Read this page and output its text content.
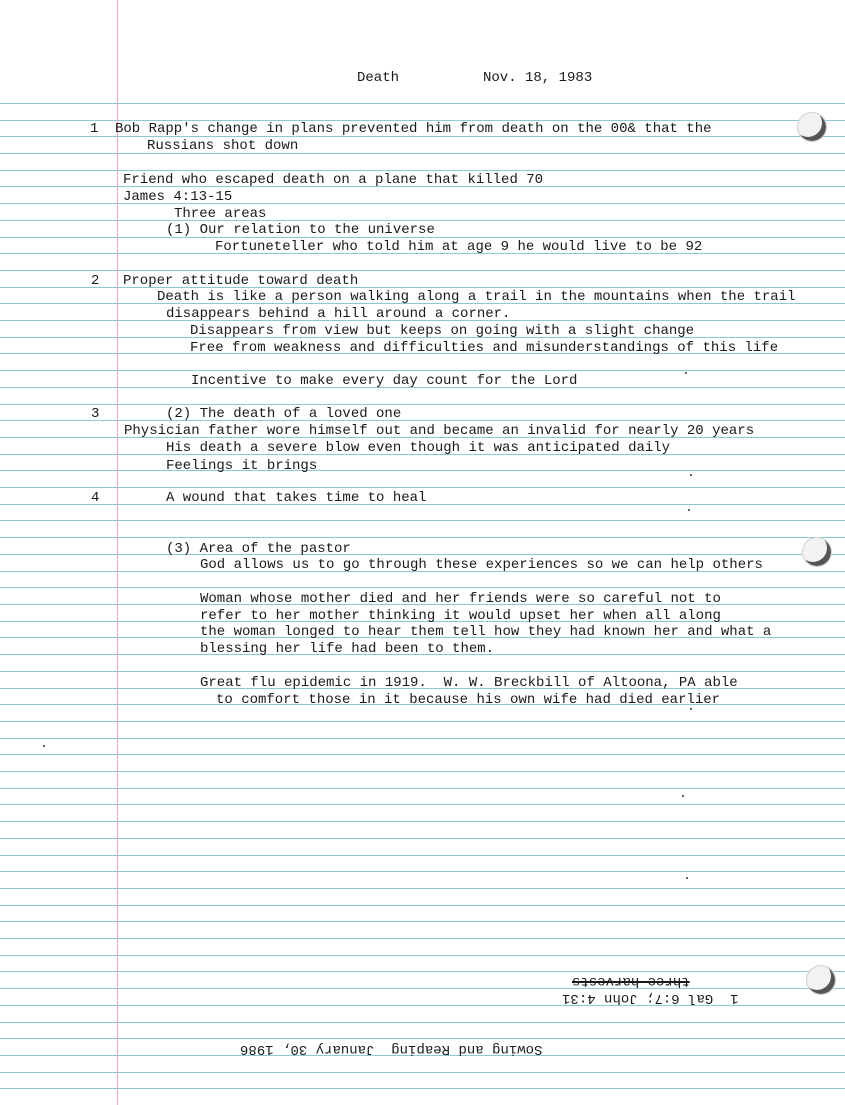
Death	Nov. 18, 1983
1 Bob Rapp's change in plans prevented him from death on the 00& that the
Russians shot down
Friend who escaped death on a plane that killed 70
James 4:13-15
Three areas
(1) Our relation to the universe
Fortuneteller who told him at age 9 he would live to be 92
2 Proper attitude toward death
Death is like a person walking along a trail in the mountains when the trail
disappears behind a hill around a corner.
Disappears from view but keeps on going with a slight change
Free from weakness and difficulties and misunderstandings of this life
Incentive to make every day count for the Lord
3	(2) The death of a loved one
Physician father wore himself out and became an invalid for nearly 20 years
His death a severe blow even though it was anticipated daily
Feelings it brings
4	A wound that takes time to heal
(3) Area of the pastor
God allows us to go through these experiences so we can help others
Woman whose mother died and her friends were so careful not to
refer to her mother thinking it would upset her when all along
the woman longed to hear them tell how they had known her and what a
blessing her life had been to them.
Great flu epidemic in 1919.  W. W. Breckbill of Altoona, PA able
to comfort those in it because his own wife had died earlier
three harvests
1  Gal 6:7; John 4:31
Sowing and Reaping  January 30, 1986
